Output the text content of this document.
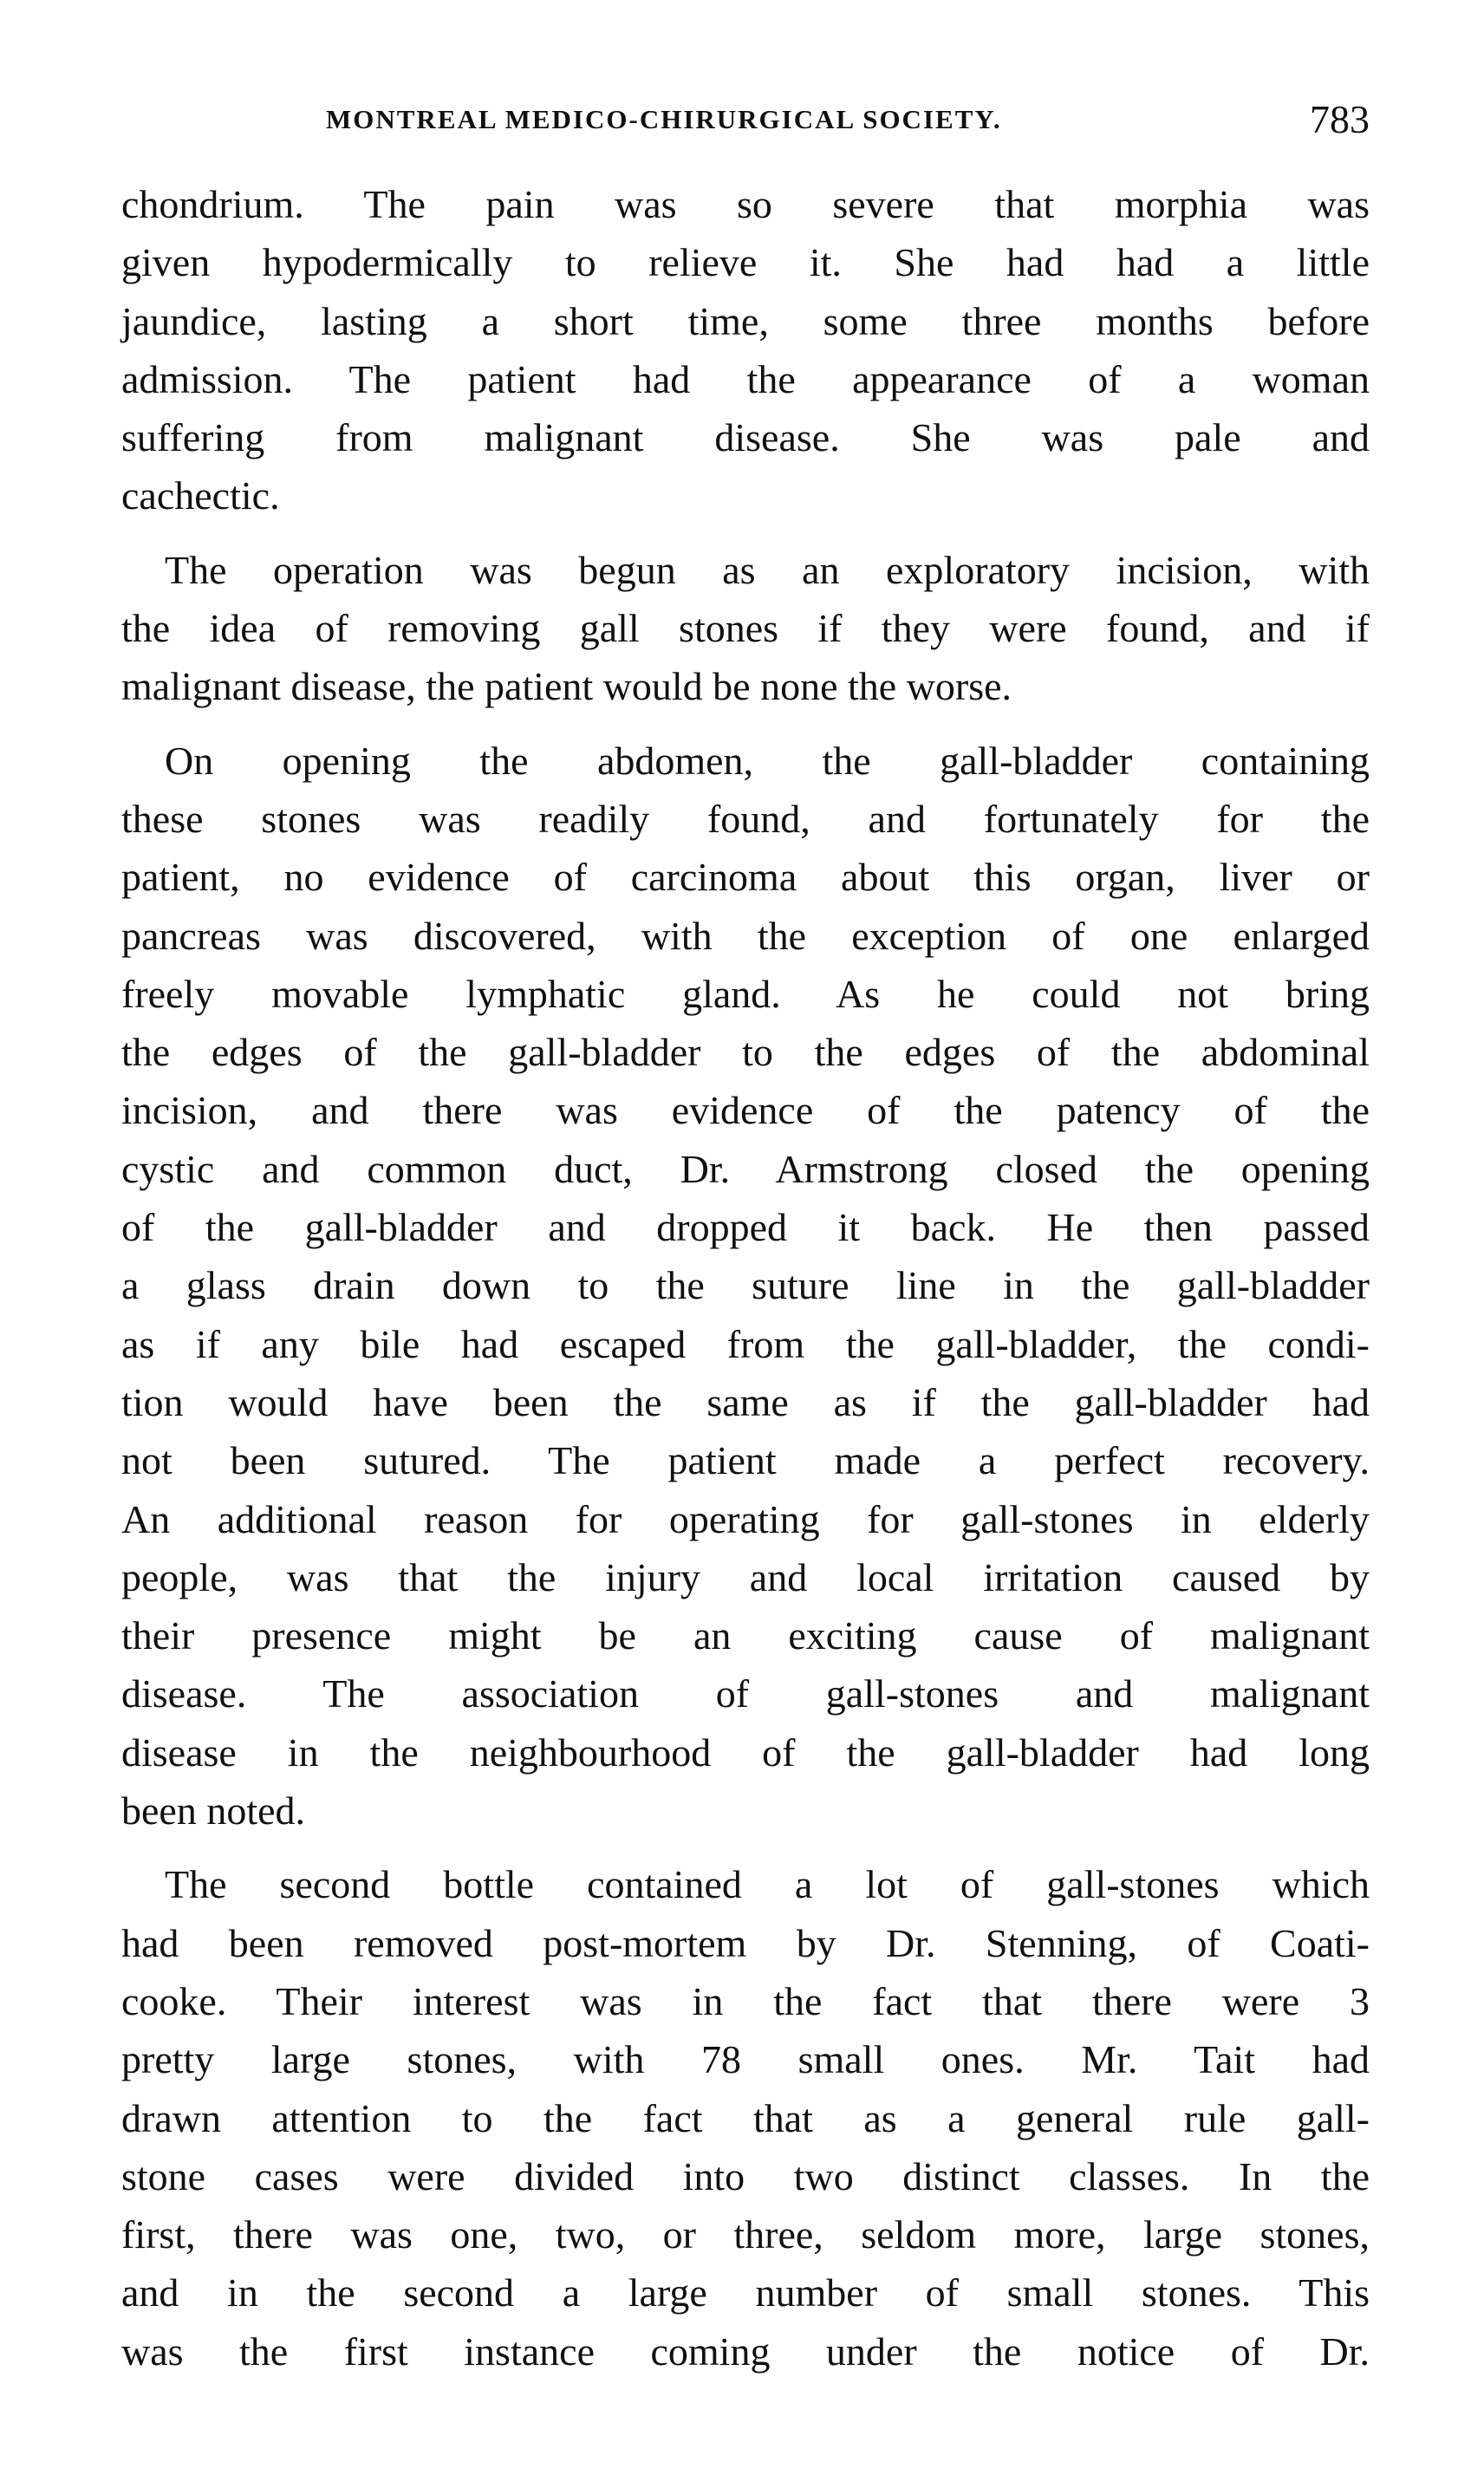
MONTREAL MEDICO-CHIRURGICAL SOCIETY.	783
chondrium. The pain was so severe that morphia was
given hypodermically to relieve it. She had had a little
jaundice, lasting a short time, some three months before
admission. The patient had the appearance of a woman
suffering from malignant disease. She was pale and
cachectic.
The operation was begun as an exploratory incision, with
the idea of removing gall stones if they were found, and if
malignant disease, the patient would be none the worse.
On opening the abdomen, the gall-bladder containing
these stones was readily found, and fortunately for the
patient, no evidence of carcinoma about this organ, liver or
pancreas was discovered, with the exception of one enlarged
freely movable lymphatic gland. As he could not bring
the edges of the gall-bladder to the edges of the abdominal
incision, and there was evidence of the patency of the
cystic and common duct, Dr. Armstrong closed the opening
of the gall-bladder and dropped it back. He then passed
a glass drain down to the suture line in the gall-bladder
as if any bile had escaped from the gall-bladder, the condi-
tion would have been the same as if the gall-bladder had
not been sutured. The patient made a perfect recovery.
An additional reason for operating for gall-stones in elderly
people, was that the injury and local irritation caused by
their presence might be an exciting cause of malignant
disease. The association of gall-stones and malignant
disease in the neighbourhood of the gall-bladder had long
been noted.
The second bottle contained a lot of gall-stones which
had been removed post-mortem by Dr. Stenning, of Coati-
cooke. Their interest was in the fact that there were 3
pretty large stones, with 78 small ones. Mr. Tait had
drawn attention to the fact that as a general rule gall-
stone cases were divided into two distinct classes. In the
first, there was one, two, or three, seldom more, large stones,
and in the second a large number of small stones. This
was the first instance coming under the notice of Dr.
